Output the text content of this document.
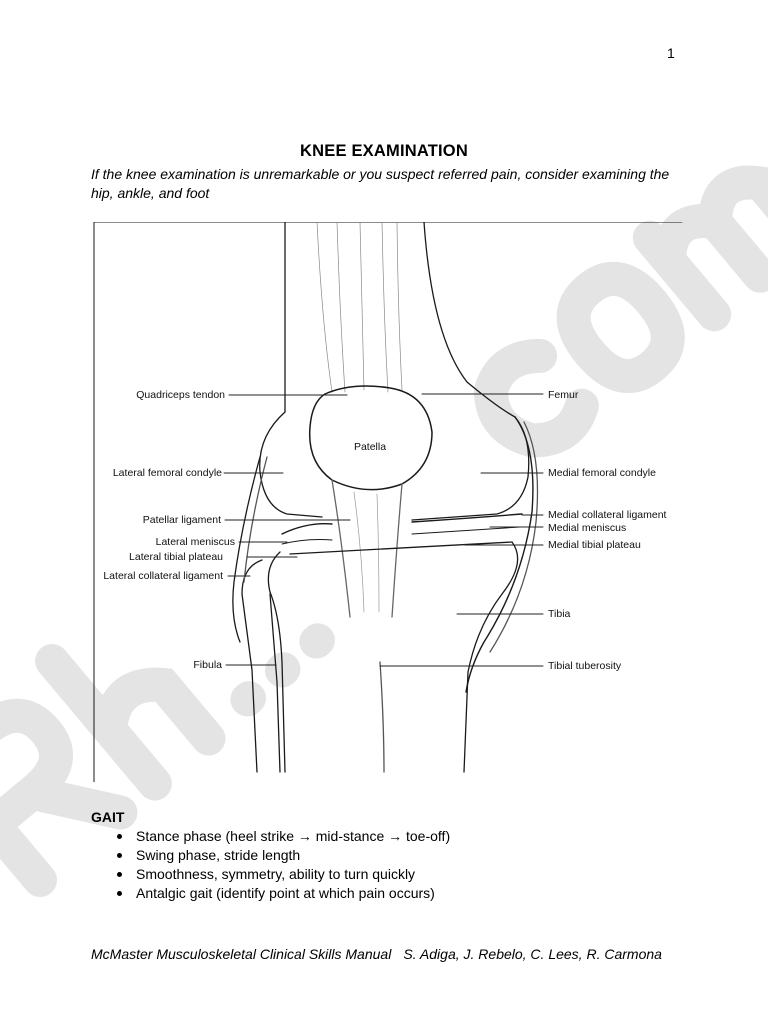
1
KNEE EXAMINATION
If the knee examination is unremarkable or you suspect referred pain, consider examining the hip, ankle, and foot
Quadriceps tendon
Patella
Femur
Lateral femoral condyle	Medial femoral condyle
Patellar ligament	Medial collateral ligament
Medial meniscus
Lateral meniscus	Medial tibial plateau
Lateral tibial plateau
Lateral collateral ligament
Tibia
Fibula	Tibial tuberosity
GAIT
Stance phase (heel strike → mid-stance → toe-off)
Swing phase, stride length
Smoothness, symmetry, ability to turn quickly
Antalgic gait (identify point at which pain occurs)
McMaster Musculoskeletal Clinical Skills Manual S. Adiga, J. Rebelo, C. Lees, R. Carmona
